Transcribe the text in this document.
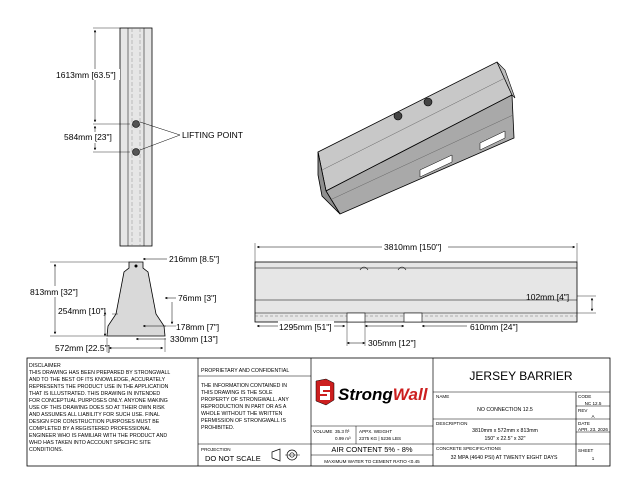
1613mm [63.5"]
584mm [23"]	LIFTING POINT
813mm [32"]
254mm [10"]
216mm [8.5"]
76mm [3"]
178mm [7"]
330mm [13"]
572mm [22.5"]
3810mm [150"]
102mm [4"]
1295mm [51"]	610mm [24"]
305mm [12"]
DISCLAIMER
THIS DRAWING HAS BEEN PREPARED BY STRONGWALL
AND TO THE BEST OF ITS KNOWLEDGE, ACCURATELY
REPRESENTS THE PRODUCT USE IN THE APPLICATION
THAT IS ILLUSTRATED. THIS DRAWING IN INTENDED
FOR CONCEPTUAL PURPOSES ONLY. ANYONE MAKING
USE OF THIS DRAWING DOES SO AT THEIR OWN RISK
AND ASSUMES ALL LIABILITY FOR SUCH USE. FINAL
DESIGN FOR CONSTRUCTION PURPOSES MUST BE
COMPLETED BY A REGISTERED PROFESSIONAL
ENGINEER WHO IS FAMILIAR WITH THE PRODUCT AND
WHO HAS TAKEN INTO ACCOUNT SPECIFIC SITE
CONDITIONS.
PROPRIETARY AND CONFIDENTIAL
THE INFORMATION CONTAINED IN
THIS DRAWING IS THE SOLE
PROPERTY OF STRONGWALL. ANY
REPRODUCTION IN PART OR AS A
WHOLE WITHOUT THE WRITTEN
PERMISSION OF STRONGWALL IS
PROHIBITED.
PROJECTION
DO NOT SCALE
StrongWall
VOLUME 35.3 ft³
0.99 m³
APPX. WEIGHT
2375 KG | 5236 LBS
AIR CONTENT 5% - 8%
MAXIMUM WATER TO CEMENT RATIO <0.45
JERSEY BARRIER
NAME
NO CONNECTION 12.5
CODE
NC 12.5
REV
A
DESCRIPTION
3810mm x 572mm x 813mm
150" x 22.5" x 32"
DATE
APR. 23. 2026
CONCRETE SPECIFICATIONS
32 MPA (4640 PSI) AT TWENTY EIGHT DAYS
SHEET
1
